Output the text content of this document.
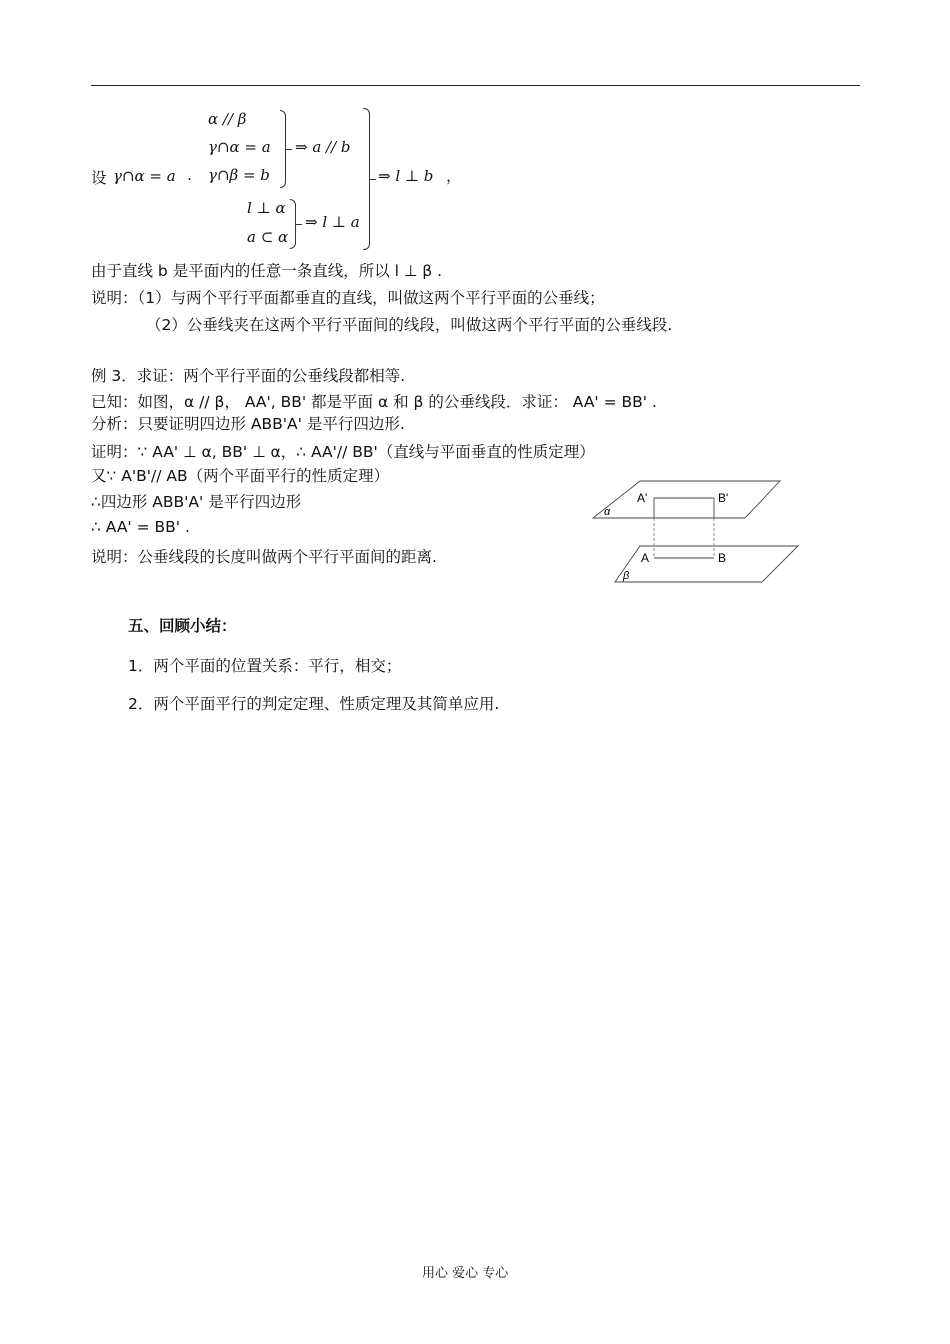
设 γ∩α = a .
α // β
γ∩α = a
γ∩β = b
⇒ a // b
l ⊥ α
a ⊂ α
⇒ l ⊥ a
⇒ l ⊥ b ，
由于直线 b 是平面内的任意一条直线，所以 l ⊥ β .
说明：（1）与两个平行平面都垂直的直线，叫做这两个平行平面的公垂线；
（2）公垂线夹在这两个平行平面间的线段，叫做这两个平行平面的公垂线段.
例 3．求证：两个平行平面的公垂线段都相等.
已知：如图，α // β， AA', BB' 都是平面 α 和 β 的公垂线段．求证： AA' = BB' .
分析：只要证明四边形 ABB'A' 是平行四边形.
证明：∵ AA' ⊥ α, BB' ⊥ α，∴ AA'// BB'（直线与平面垂直的性质定理）
又∵ A'B'// AB（两个平面平行的性质定理）
∴四边形 ABB'A' 是平行四边形
∴ AA' = BB' .
说明：公垂线段的长度叫做两个平行平面间的距离.
A'	B'
A	B
α
β
五、回顾小结：
1．两个平面的位置关系：平行，相交；
2．两个平面平行的判定定理、性质定理及其简单应用.
用心 爱心 专心
